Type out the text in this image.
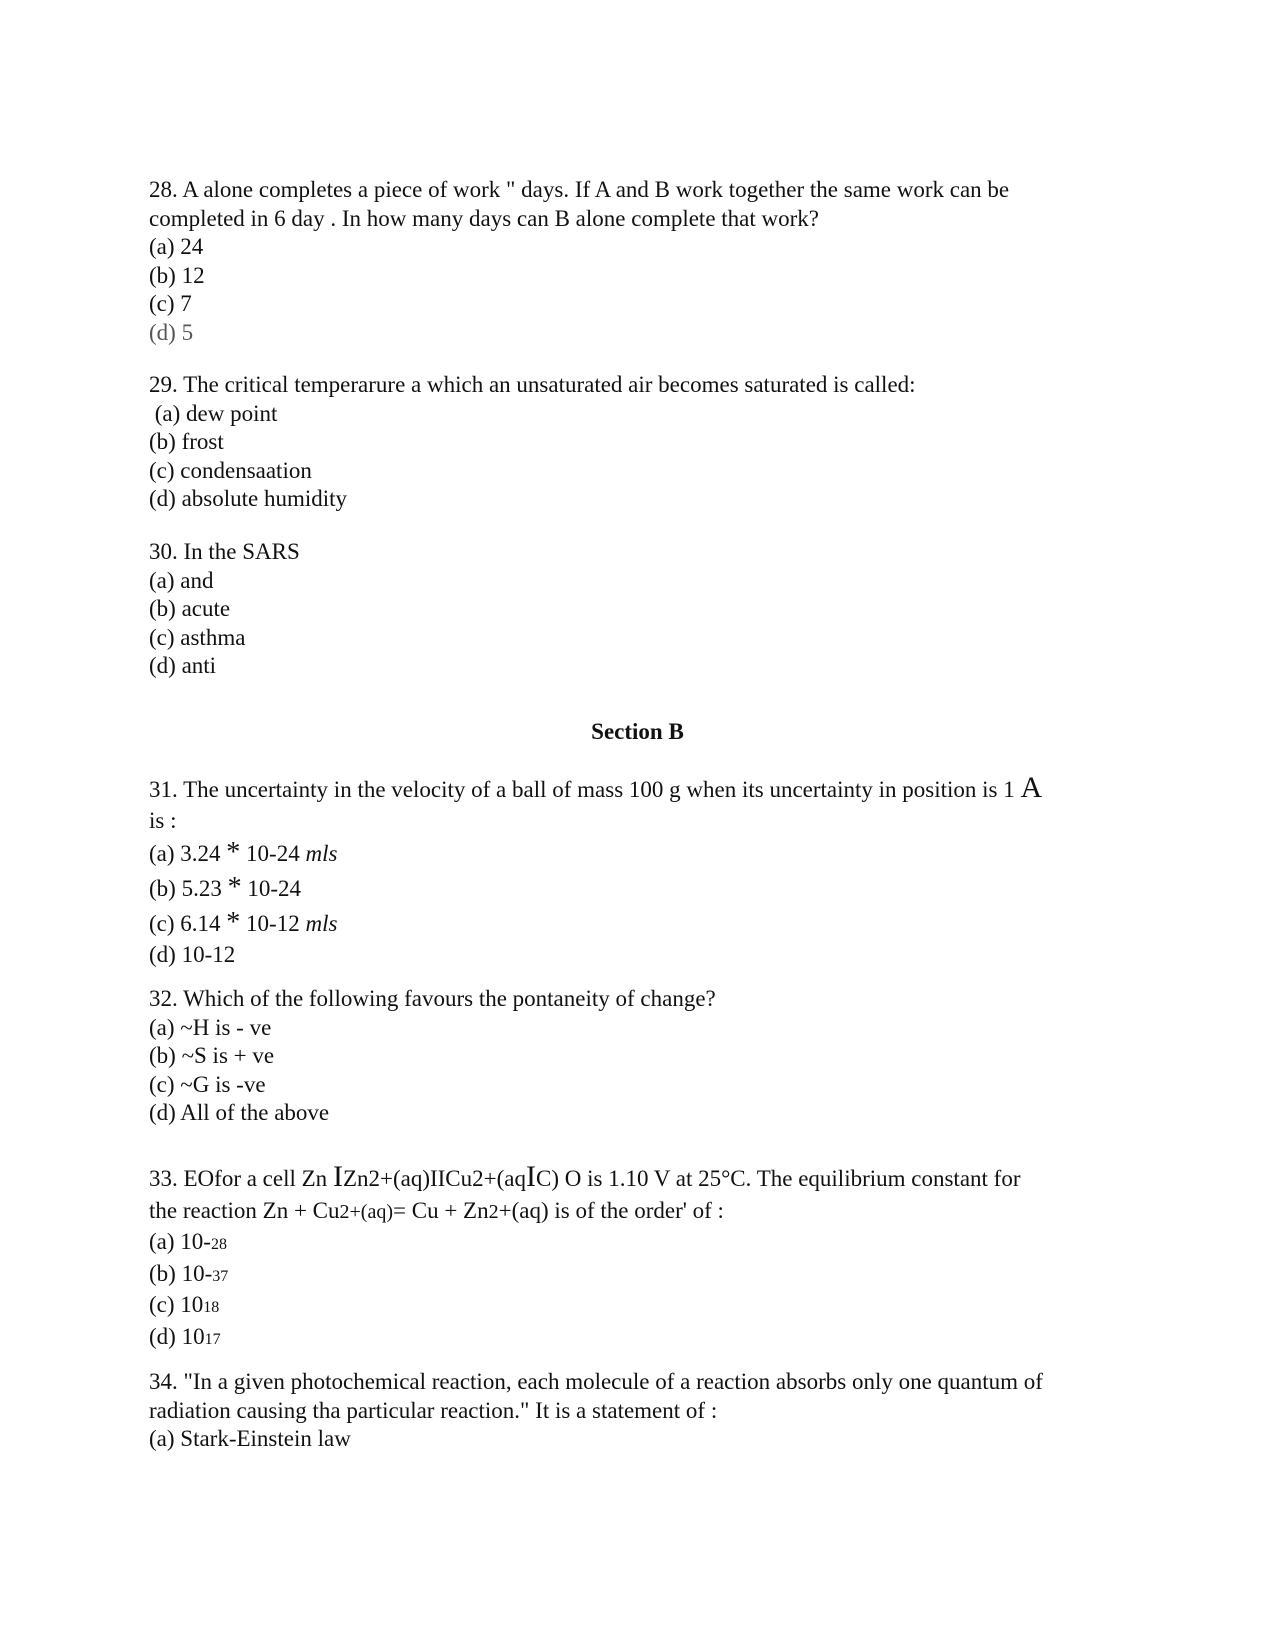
28. A alone completes a piece of work " days. If A and B work together the same work can be
completed in 6 day . In how many days can B alone complete that work?
(a) 24
(b) 12
(c) 7
(d) 5
29. The critical temperarure a which an unsaturated air becomes saturated is called:
(a) dew point
(b) frost
(c) condensaation
(d) absolute humidity
30. In the SARS
(a) and
(b) acute
(c) asthma
(d) anti
Section B
31. The uncertainty in the velocity of a ball of mass 100 g when its uncertainty in position is 1 A
is :
(a) 3.24 * 10-24 mls
(b) 5.23 * 10-24
(c) 6.14 * 10-12 mls
(d) 10-12
32. Which of the following favours the pontaneity of change?
(a) ~H is - ve
(b) ~S is + ve
(c) ~G is -ve
(d) All of the above
33. EOfor a cell Zn IZn2+(aq)IICu2+(aqIC) O is 1.10 V at 25°C. The equilibrium constant for
the reaction Zn + Cu2+(aq)= Cu + Zn2+(aq) is of the order' of :
(a) 10-28
(b) 10-37
(c) 1018
(d) 1017
34. "In a given photochemical reaction, each molecule of a reaction absorbs only one quantum of
radiation causing tha particular reaction." It is a statement of :
(a) Stark-Einstein law
